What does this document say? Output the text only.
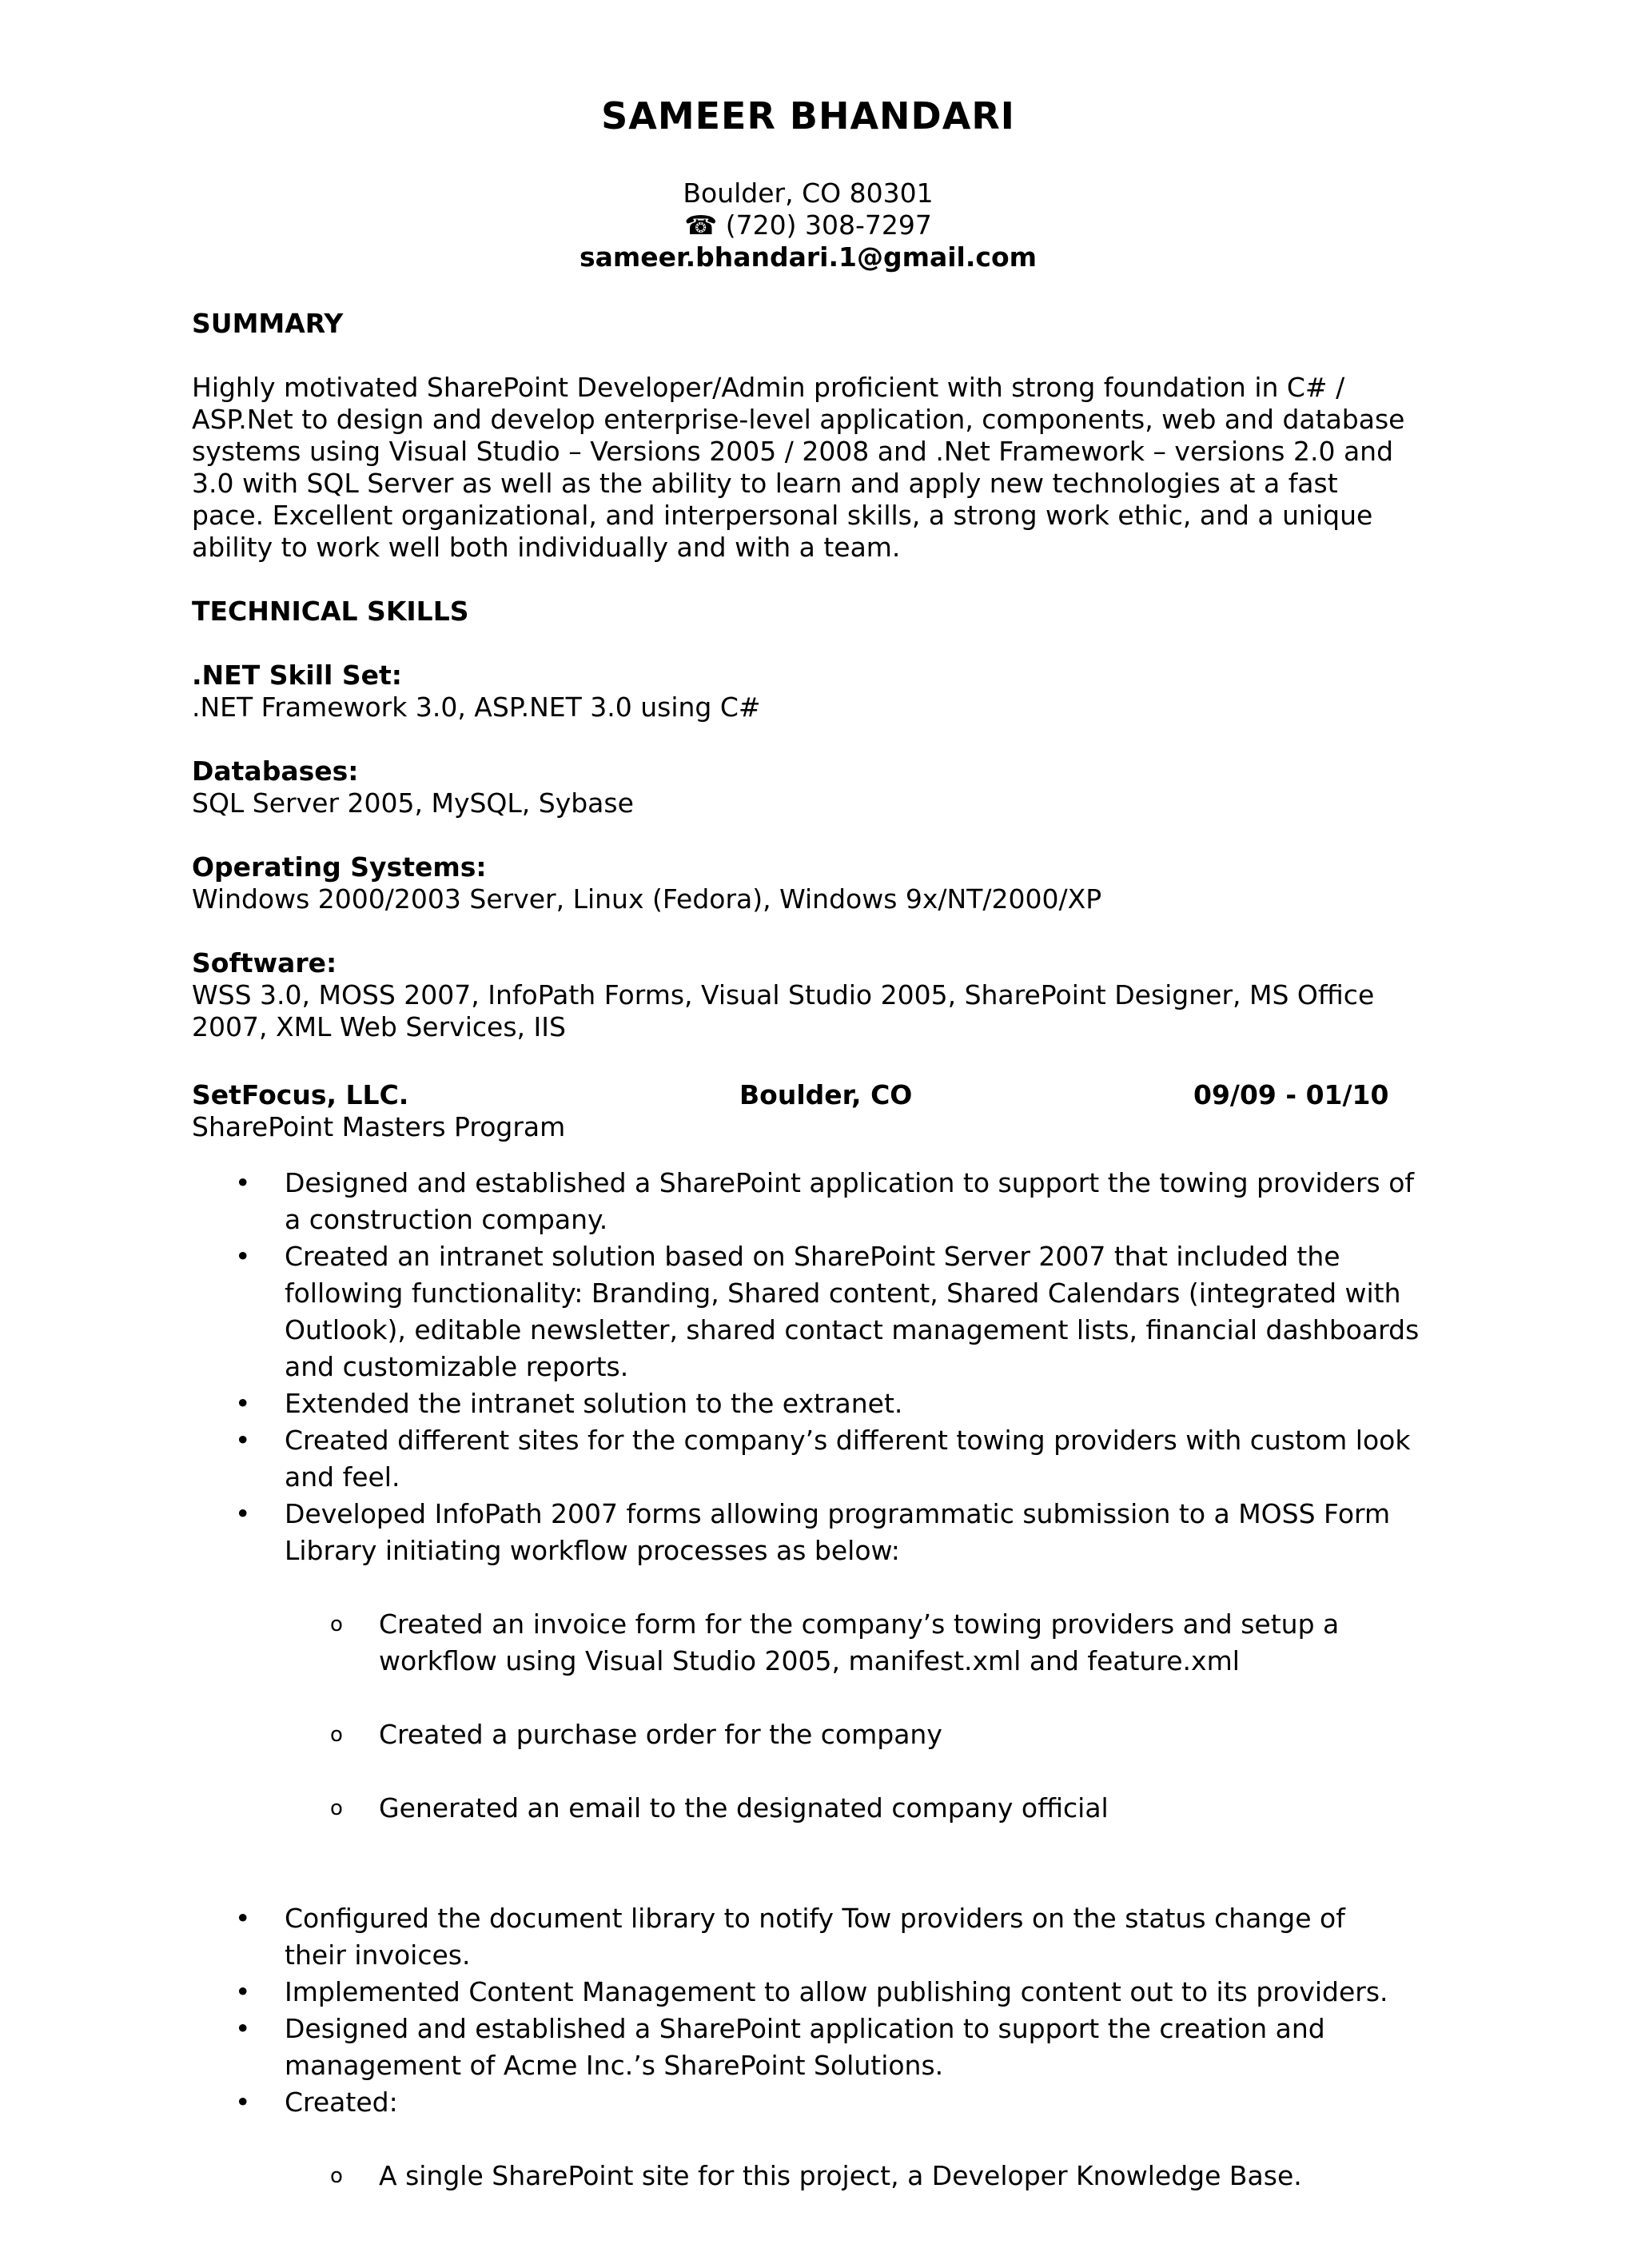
SAMEER BHANDARI
Boulder, CO 80301
☎ (720) 308-7297
sameer.bhandari.1@gmail.com
SUMMARY
Highly motivated SharePoint Developer/Admin proficient with strong foundation in C# /
ASP.Net to design and develop enterprise-level application, components, web and database
systems using Visual Studio – Versions 2005 / 2008 and .Net Framework – versions 2.0 and
3.0 with SQL Server as well as the ability to learn and apply new technologies at a fast
pace. Excellent organizational, and interpersonal skills, a strong work ethic, and a unique
ability to work well both individually and with a team.
TECHNICAL SKILLS
.NET Skill Set:
.NET Framework 3.0, ASP.NET 3.0 using C#
Databases:
SQL Server 2005, MySQL, Sybase
Operating Systems:
Windows 2000/2003 Server, Linux (Fedora), Windows 9x/NT/2000/XP
Software:
WSS 3.0, MOSS 2007, InfoPath Forms, Visual Studio 2005, SharePoint Designer, MS Office
2007, XML Web Services, IIS
SetFocus, LLC.	Boulder, CO	09/09 - 01/10
SharePoint Masters Program
• Designed and established a SharePoint application to support the towing providers of
a construction company.
• Created an intranet solution based on SharePoint Server 2007 that included the
following functionality: Branding, Shared content, Shared Calendars (integrated with
Outlook), editable newsletter, shared contact management lists, financial dashboards
and customizable reports.
• Extended the intranet solution to the extranet.
• Created different sites for the company’s different towing providers with custom look
and feel.
• Developed InfoPath 2007 forms allowing programmatic submission to a MOSS Form
Library initiating workflow processes as below:

o Created an invoice form for the company’s towing providers and setup a
workflow using Visual Studio 2005, manifest.xml and feature.xml

o Created a purchase order for the company

o Generated an email to the designated company official

• Configured the document library to notify Tow providers on the status change of
their invoices.
• Implemented Content Management to allow publishing content out to its providers.
• Designed and established a SharePoint application to support the creation and
management of Acme Inc.’s SharePoint Solutions.
• Created:

o A single SharePoint site for this project, a Developer Knowledge Base.
